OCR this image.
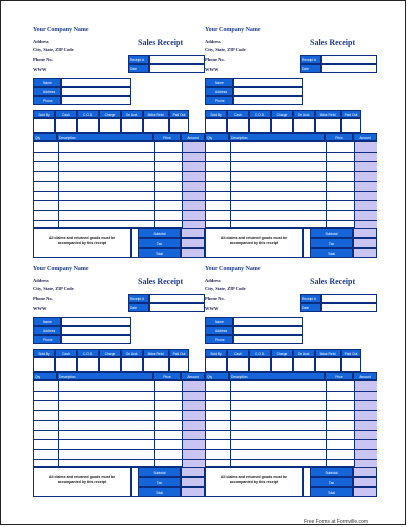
Your Company Name
Address
City, State, ZIP Code
Phone No.
WWW
Sales Receipt
Receipt #
Date
Name
Address
Phone
Sold By	Cash	C.O.D.	Charge	On Acct.	Mdse Retd.	Paid Out
Qty	Description	Price	Amount
All claims and returned goods must be accompanied by this receipt
Subtotal
Tax
Total
Your Company Name
Address
City, State, ZIP Code
Phone No.
WWW
Sales Receipt
Receipt #
Date
Name
Address
Phone
Sold By	Cash	C.O.D.	Charge	On Acct.	Mdse Retd.	Paid Out
Qty	Description	Price	Amount
All claims and returned goods must be accompanied by this receipt
Subtotal
Tax
Total
Your Company Name
Address
City, State, ZIP Code
Phone No.
WWW
Sales Receipt
Receipt #
Date
Name
Address
Phone
Sold By	Cash	C.O.D.	Charge	On Acct.	Mdse Retd.	Paid Out
Qty	Description	Price	Amount
All claims and returned goods must be accompanied by this receipt
Subtotal
Tax
Total
Your Company Name
Address
City, State, ZIP Code
Phone No.
WWW
Sales Receipt
Receipt #
Date
Name
Address
Phone
Sold By	Cash	C.O.D.	Charge	On Acct.	Mdse Retd.	Paid Out
Qty	Description	Price	Amount
All claims and returned goods must be accompanied by this receipt
Subtotal
Tax
Total
Free Forms at Formville.com
